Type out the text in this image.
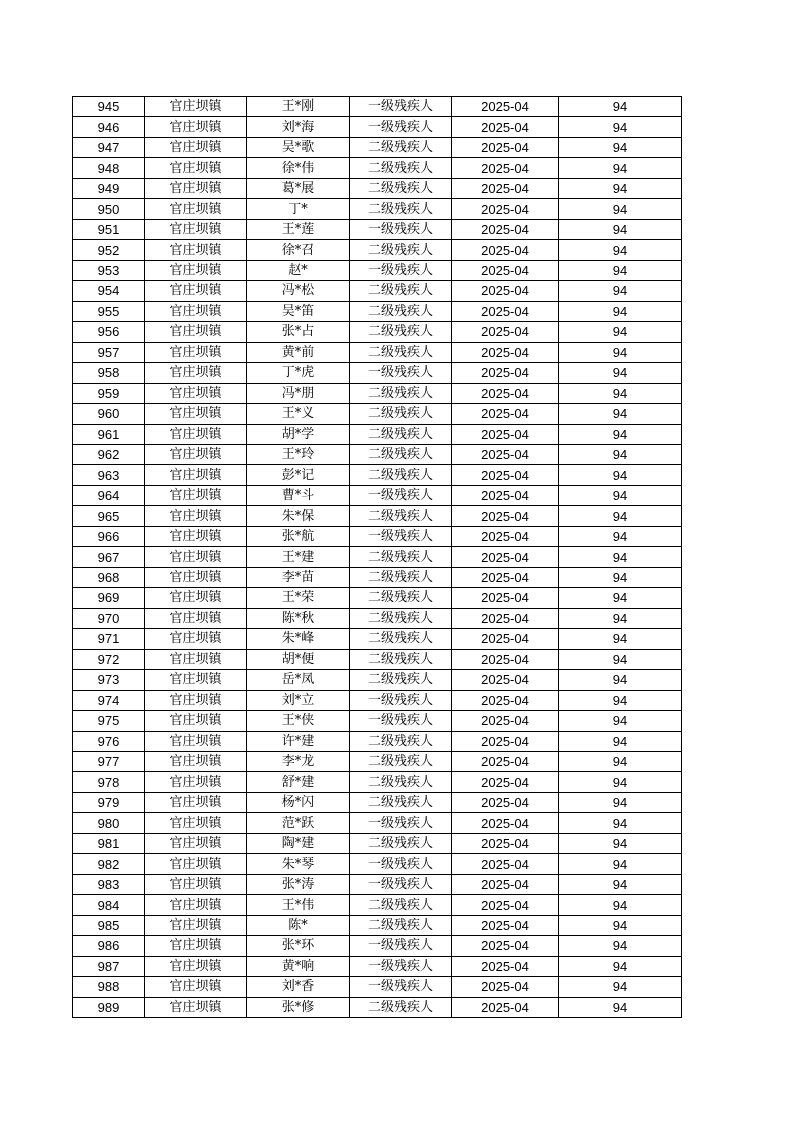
945	官庄坝镇	王*刚	一级残疾人	2025-04	94
946	官庄坝镇	刘*海	一级残疾人	2025-04	94
947	官庄坝镇	吴*歌	二级残疾人	2025-04	94
948	官庄坝镇	徐*伟	二级残疾人	2025-04	94
949	官庄坝镇	葛*展	二级残疾人	2025-04	94
950	官庄坝镇	丁*	二级残疾人	2025-04	94
951	官庄坝镇	王*莲	一级残疾人	2025-04	94
952	官庄坝镇	徐*召	二级残疾人	2025-04	94
953	官庄坝镇	赵*	一级残疾人	2025-04	94
954	官庄坝镇	冯*松	二级残疾人	2025-04	94
955	官庄坝镇	吴*笛	二级残疾人	2025-04	94
956	官庄坝镇	张*占	二级残疾人	2025-04	94
957	官庄坝镇	黄*前	二级残疾人	2025-04	94
958	官庄坝镇	丁*虎	一级残疾人	2025-04	94
959	官庄坝镇	冯*朋	二级残疾人	2025-04	94
960	官庄坝镇	王*义	二级残疾人	2025-04	94
961	官庄坝镇	胡*学	二级残疾人	2025-04	94
962	官庄坝镇	王*玲	二级残疾人	2025-04	94
963	官庄坝镇	彭*记	二级残疾人	2025-04	94
964	官庄坝镇	曹*斗	一级残疾人	2025-04	94
965	官庄坝镇	朱*保	二级残疾人	2025-04	94
966	官庄坝镇	张*航	一级残疾人	2025-04	94
967	官庄坝镇	王*建	二级残疾人	2025-04	94
968	官庄坝镇	李*苗	二级残疾人	2025-04	94
969	官庄坝镇	王*荣	二级残疾人	2025-04	94
970	官庄坝镇	陈*秋	二级残疾人	2025-04	94
971	官庄坝镇	朱*峰	二级残疾人	2025-04	94
972	官庄坝镇	胡*便	二级残疾人	2025-04	94
973	官庄坝镇	岳*凤	二级残疾人	2025-04	94
974	官庄坝镇	刘*立	一级残疾人	2025-04	94
975	官庄坝镇	王*侠	一级残疾人	2025-04	94
976	官庄坝镇	许*建	二级残疾人	2025-04	94
977	官庄坝镇	李*龙	二级残疾人	2025-04	94
978	官庄坝镇	舒*建	二级残疾人	2025-04	94
979	官庄坝镇	杨*闪	二级残疾人	2025-04	94
980	官庄坝镇	范*跃	一级残疾人	2025-04	94
981	官庄坝镇	陶*建	二级残疾人	2025-04	94
982	官庄坝镇	朱*琴	一级残疾人	2025-04	94
983	官庄坝镇	张*涛	一级残疾人	2025-04	94
984	官庄坝镇	王*伟	二级残疾人	2025-04	94
985	官庄坝镇	陈*	二级残疾人	2025-04	94
986	官庄坝镇	张*环	一级残疾人	2025-04	94
987	官庄坝镇	黄*响	一级残疾人	2025-04	94
988	官庄坝镇	刘*香	一级残疾人	2025-04	94
989	官庄坝镇	张*修	二级残疾人	2025-04	94
